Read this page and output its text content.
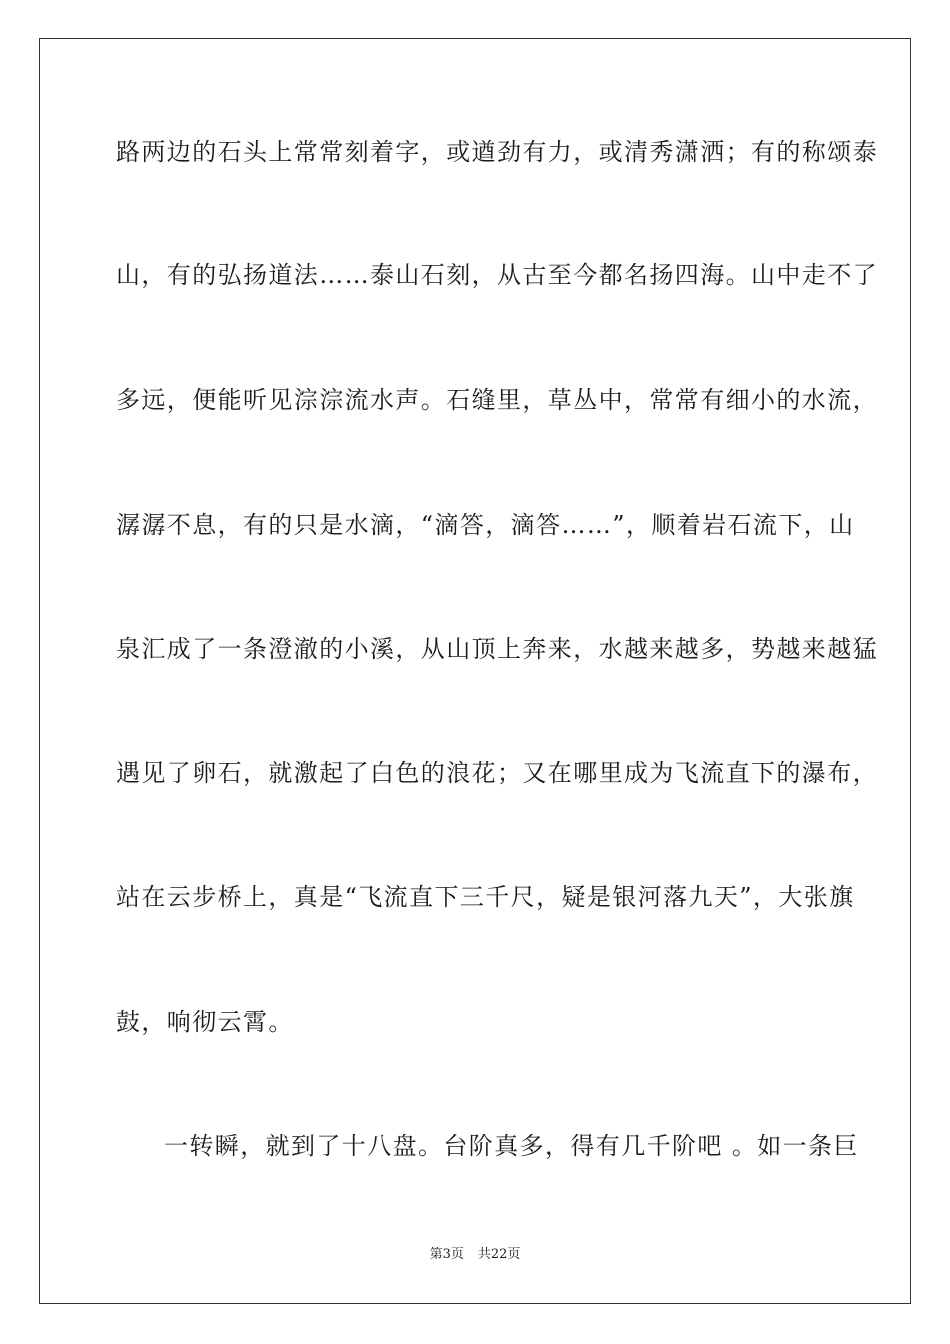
路两边的石头上常常刻着字，或遒劲有力，或清秀潇洒；有的称颂泰
山，有的弘扬道法……泰山石刻，从古至今都名扬四海。山中走不了
多远，便能听见淙淙流水声。石缝里，草丛中，常常有细小的水流，
潺潺不息，有的只是水滴，“滴答，滴答……”，顺着岩石流下，山
泉汇成了一条澄澈的小溪，从山顶上奔来，水越来越多，势越来越猛
遇见了卵石，就激起了白色的浪花；又在哪里成为飞流直下的瀑布，
站在云步桥上，真是“飞流直下三千尺，疑是银河落九天”，大张旗
鼓，响彻云霄。
一转瞬，就到了十八盘。台阶真多，得有几千阶吧 。如一条巨
第3页 共22页
